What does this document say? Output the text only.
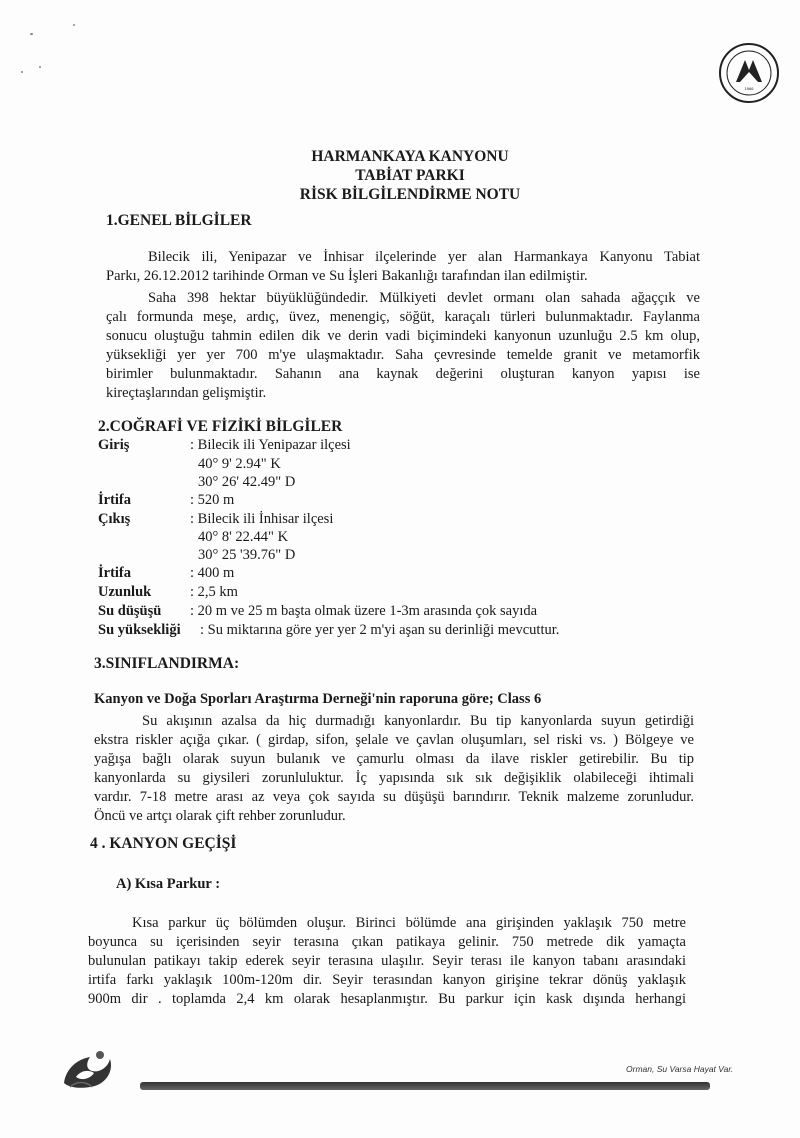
1966
HARMANKAYA KANYONU
TABİAT PARKI
RİSK BİLGİLENDİRME NOTU
1.GENEL BİLGİLER
Bilecik ili, Yenipazar ve İnhisar ilçelerinde yer alan Harmankaya Kanyonu Tabiat
Parkı, 26.12.2012 tarihinde Orman ve Su İşleri Bakanlığı tarafından ilan edilmiştir.
Saha 398 hektar büyüklüğündedir. Mülkiyeti devlet ormanı olan sahada ağaççık ve
çalı formunda meşe, ardıç, üvez, menengiç, söğüt, karaçalı türleri bulunmaktadır. Faylanma
sonucu oluştuğu tahmin edilen dik ve derin vadi biçimindeki kanyonun uzunluğu 2.5 km olup,
yüksekliği yer yer 700 m'ye ulaşmaktadır. Saha çevresinde temelde granit ve metamorfik
birimler bulunmaktadır. Sahanın ana kaynak değerini oluşturan kanyon yapısı ise
kireçtaşlarından gelişmiştir.
2.COĞRAFİ VE FİZİKİ BİLGİLER
Giriş	: Bilecik ili Yenipazar ilçesi
40° 9' 2.94" K
30° 26' 42.49" D
İrtifa	: 520 m
Çıkış	: Bilecik ili İnhisar ilçesi
40° 8' 22.44" K
30° 25 '39.76" D
İrtifa	: 400 m
Uzunluk	: 2,5 km
Su düşüşü : 20 m ve 25 m başta olmak üzere 1-3m arasında çok sayıda
Su yüksekliği : Su miktarına göre yer yer 2 m'yi aşan su derinliği mevcuttur.
3.SINIFLANDIRMA:
Kanyon ve Doğa Sporları Araştırma Derneği'nin raporuna göre; Class 6
Su akışının azalsa da hiç durmadığı kanyonlardır. Bu tip kanyonlarda suyun getirdiği
ekstra riskler açığa çıkar. ( girdap, sifon, şelale ve çavlan oluşumları, sel riski vs. ) Bölgeye ve
yağışa bağlı olarak suyun bulanık ve çamurlu olması da ilave riskler getirebilir. Bu tip
kanyonlarda su giysileri zorunluluktur. İç yapısında sık sık değişiklik olabileceği ihtimali
vardır. 7-18 metre arası az veya çok sayıda su düşüşü barındırır. Teknik malzeme zorunludur.
Öncü ve artçı olarak çift rehber zorunludur.
4 . KANYON GEÇİŞİ
A) Kısa Parkur :
Kısa parkur üç bölümden oluşur. Birinci bölümde ana girişinden yaklaşık 750 metre
boyunca su içerisinden seyir terasına çıkan patikaya gelinir. 750 metrede dik yamaçta
bulunulan patikayı takip ederek seyir terasına ulaşılır. Seyir terası ile kanyon tabanı arasındaki
irtifa farkı yaklaşık 100m-120m dir. Seyir terasından kanyon girişine tekrar dönüş yaklaşık
900m dir . toplamda 2,4 km olarak hesaplanmıştır. Bu parkur için kask dışında herhangi
Orman, Su Varsa Hayat Var.
